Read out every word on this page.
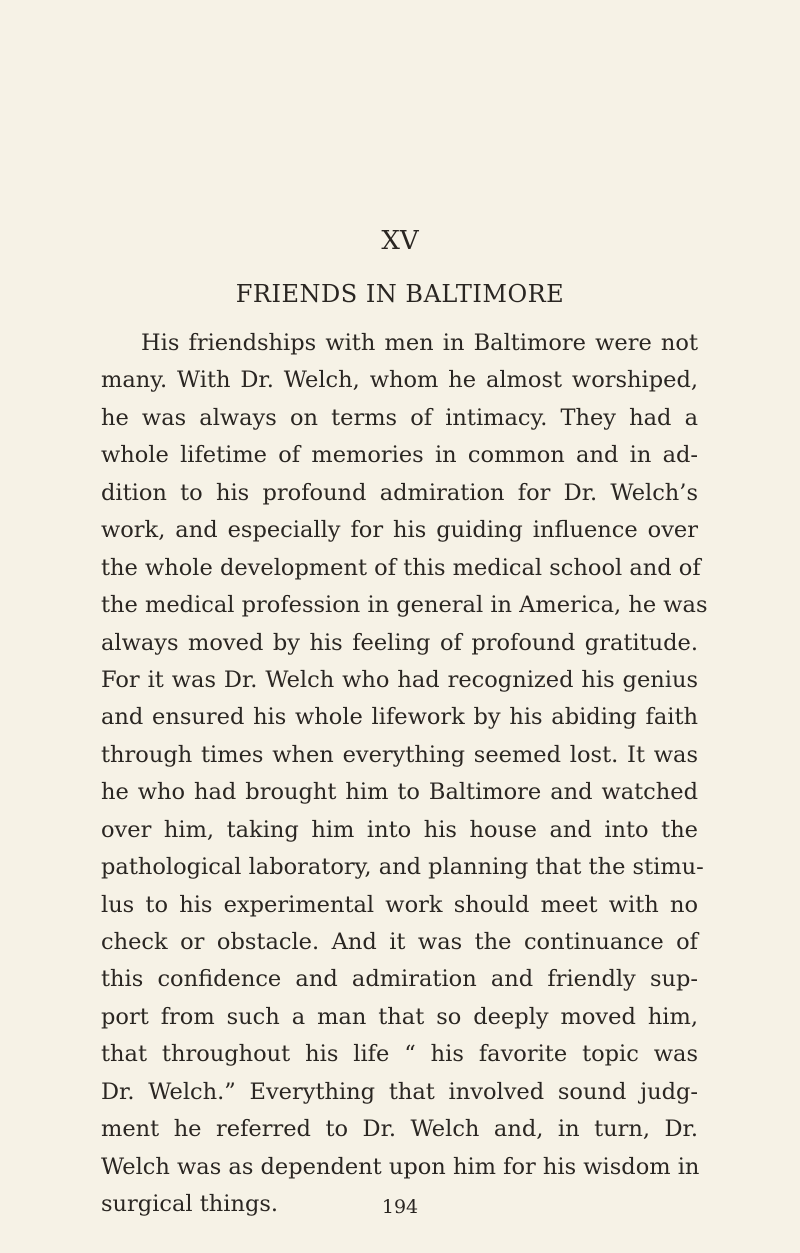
XV
FRIENDS IN BALTIMORE
His friendships with men in Baltimore were not
many. With Dr. Welch, whom he almost worshiped,
he was always on terms of intimacy. They had a
whole lifetime of memories in common and in ad-
dition to his profound admiration for Dr. Welch’s
work, and especially for his guiding influence over
the whole development of this medical school and of
the medical profession in general in America, he was
always moved by his feeling of profound gratitude.
For it was Dr. Welch who had recognized his genius
and ensured his whole lifework by his abiding faith
through times when everything seemed lost. It was
he who had brought him to Baltimore and watched
over him, taking him into his house and into the
pathological laboratory, and planning that the stimu-
lus to his experimental work should meet with no
check or obstacle. And it was the continuance of
this confidence and admiration and friendly sup-
port from such a man that so deeply moved him,
that throughout his life “ his favorite topic was
Dr. Welch.” Everything that involved sound judg-
ment he referred to Dr. Welch and, in turn, Dr.
Welch was as dependent upon him for his wisdom in
surgical things.	194
